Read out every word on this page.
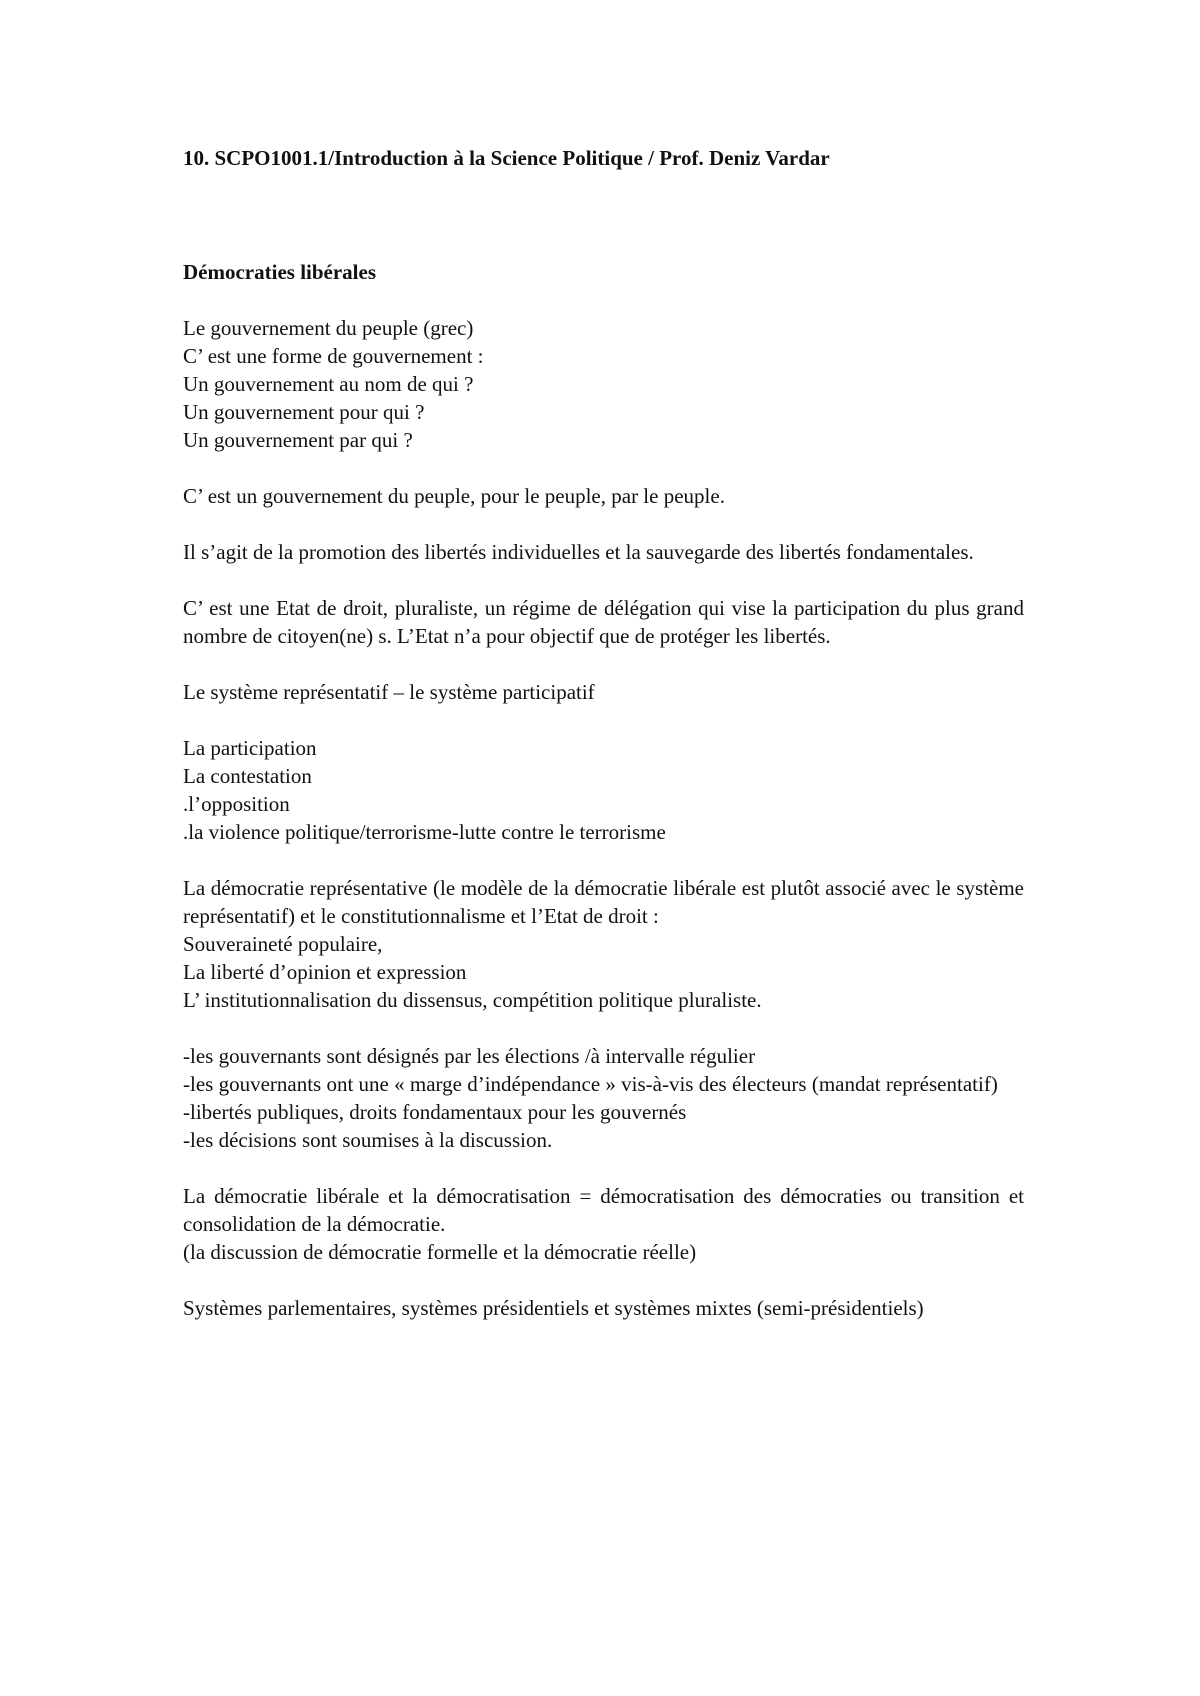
10. SCPO1001.1/Introduction à la Science Politique / Prof. Deniz Vardar

Démocraties libérales

Le gouvernement du peuple (grec)
C’ est une forme de gouvernement :
Un gouvernement au nom de qui ?
Un gouvernement pour qui ?
Un gouvernement par qui ?
C’ est un gouvernement du peuple, pour le peuple, par le peuple.
Il s’agit de la promotion des libertés individuelles et la sauvegarde des libertés fondamentales.
C’ est une Etat de droit, pluraliste, un régime de délégation qui vise la participation du plus grand nombre de citoyen(ne) s. L’Etat n’a pour objectif que de protéger les libertés.
Le système représentatif – le système participatif
La participation
La contestation
.l’opposition
.la violence politique/terrorisme-lutte contre le terrorisme
La démocratie représentative (le modèle de la démocratie libérale est plutôt associé avec le système représentatif) et le constitutionnalisme et l’Etat de droit :
Souveraineté populaire,
La liberté d’opinion et expression
L’ institutionnalisation du dissensus, compétition politique pluraliste.
-les gouvernants sont désignés par les élections /à intervalle régulier
-les gouvernants ont une « marge d’indépendance » vis-à-vis des électeurs (mandat représentatif)
-libertés publiques, droits fondamentaux pour les gouvernés
-les décisions sont soumises à la discussion.
La démocratie libérale et la démocratisation = démocratisation des démocraties ou transition et consolidation de la démocratie.
(la discussion de démocratie formelle et la démocratie réelle)
Systèmes parlementaires, systèmes présidentiels et systèmes mixtes (semi-présidentiels)
